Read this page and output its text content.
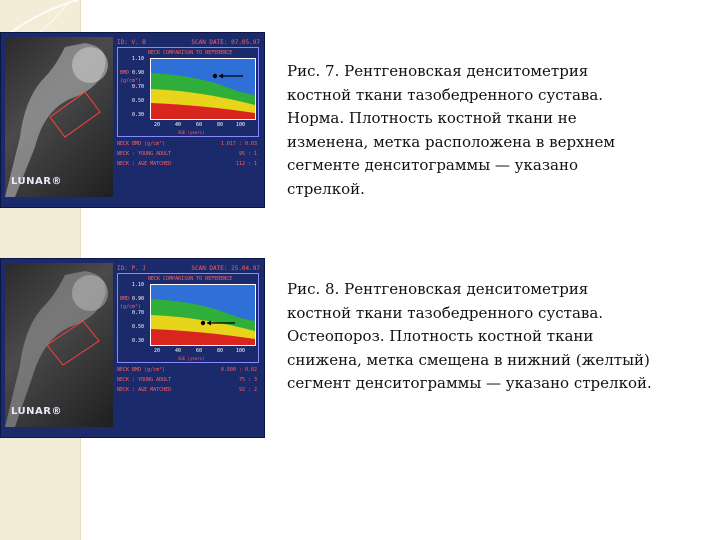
LUNAR®
ID: V. B	SCAN DATE: 07.05.97
NECK COMPARISON TO REFERENCE
BMD
(g/cm²)
1.10
0.90
0.70
0.50
0.30
20	40	60	80	100
AGE (years)
NECK BMD (g/cm²)	1.017 : 0.03
NECK : YOUNG ADULT	95 : 1
NECK : AGE MATCHED	112 : 1
Рис. 7. Рентгеновская денситометрия
костной ткани тазобедренного сустава.
Норма. Плотность костной ткани не
изменена, метка расположена в верхнем
сегменте денситограммы — указано
стрелкой.
LUNAR®
ID: P. J	SCAN DATE: 25.04.97
NECK COMPARISON TO REFERENCE
BMD
(g/cm²)
1.10
0.90
0.70
0.50
0.30
20	40	60	80	100
AGE (years)
NECK BMD (g/cm²)	0.600 : 0.02
NECK : YOUNG ADULT	75 : 3
NECK : AGE MATCHED	92 : 2
Рис. 8. Рентгеновская денситометрия
костной ткани тазобедренного сустава.
Остеопороз. Плотность костной ткани
снижена, метка смещена в нижний (желтый)
сегмент денситограммы — указано стрелкой.
